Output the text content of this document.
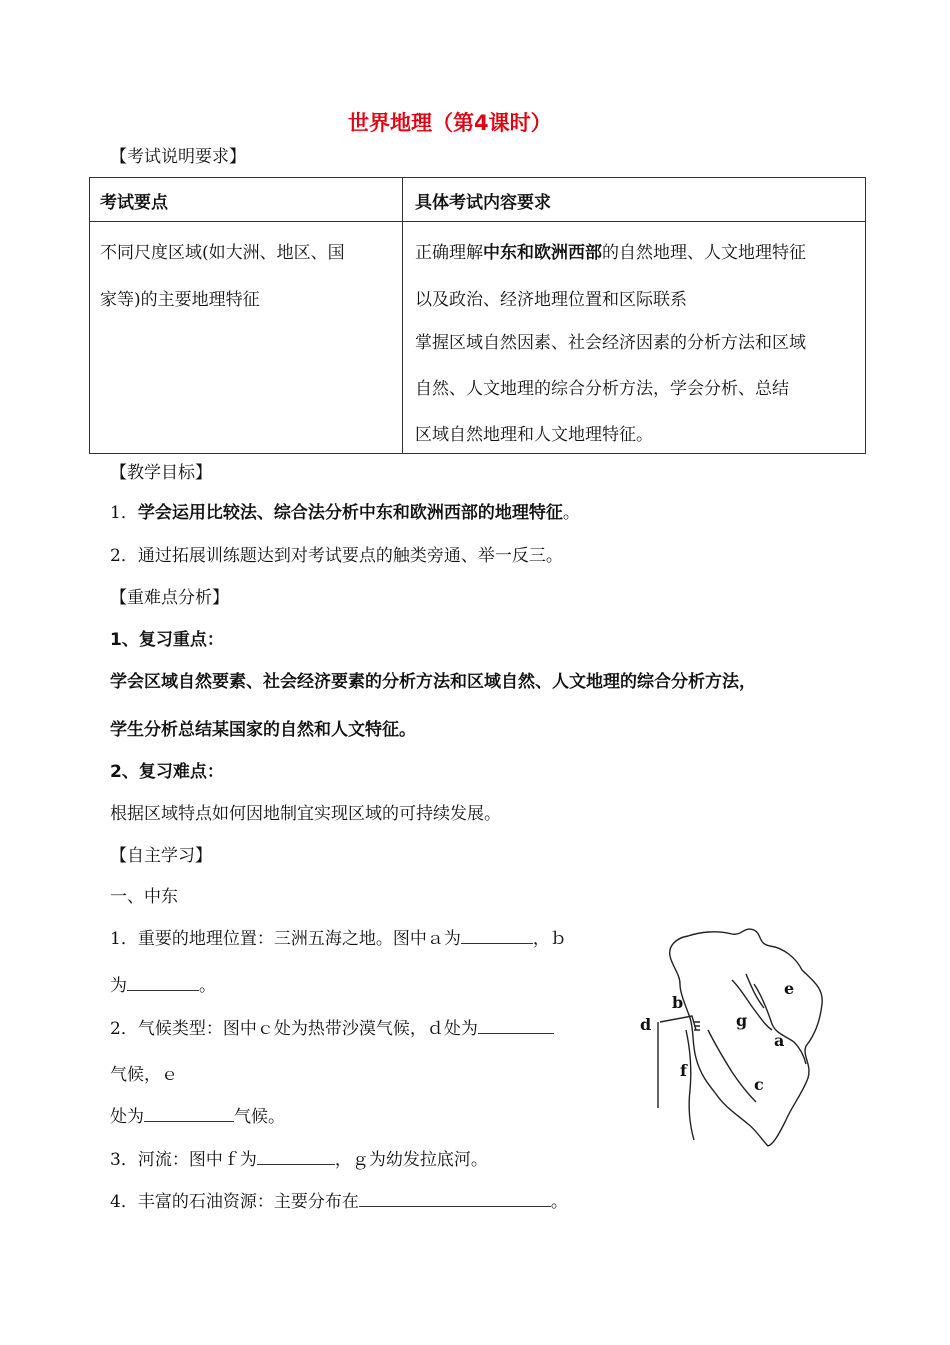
世界地理（第4课时）
【考试说明要求】
考试要点	具体考试内容要求

不同尺度区域(如大洲、地区、国
家等)的主要地理特征	正确理解中东和欧洲西部的自然地理、人文地理特征
以及政治、经济地理位置和区际联系
掌握区域自然因素、社会经济因素的分析方法和区域
自然、人文地理的综合分析方法，学会分析、总结
区域自然地理和人文地理特征。
【教学目标】
1．学会运用比较法、综合法分析中东和欧洲西部的地理特征。
2．通过拓展训练题达到对考试要点的触类旁通、举一反三。
【重难点分析】
1、复习重点：
学会区域自然要素、社会经济要素的分析方法和区域自然、人文地理的综合分析方法，
学生分析总结某国家的自然和人文特征。
2、复习难点：
根据区域特点如何因地制宜实现区域的可持续发展。
【自主学习】
一、中东
1．重要的地理位置：三洲五海之地。图中ａ为	，ｂ
为	。
2．气候类型：图中ｃ处为热带沙漠气候，ｄ处为
气候，ｅ
处为	气候。
3．河流：图中ｆ为	，ｇ为幼发拉底河。
4．丰富的石油资源：主要分布在	。
e
b
g
d
a
f
c
